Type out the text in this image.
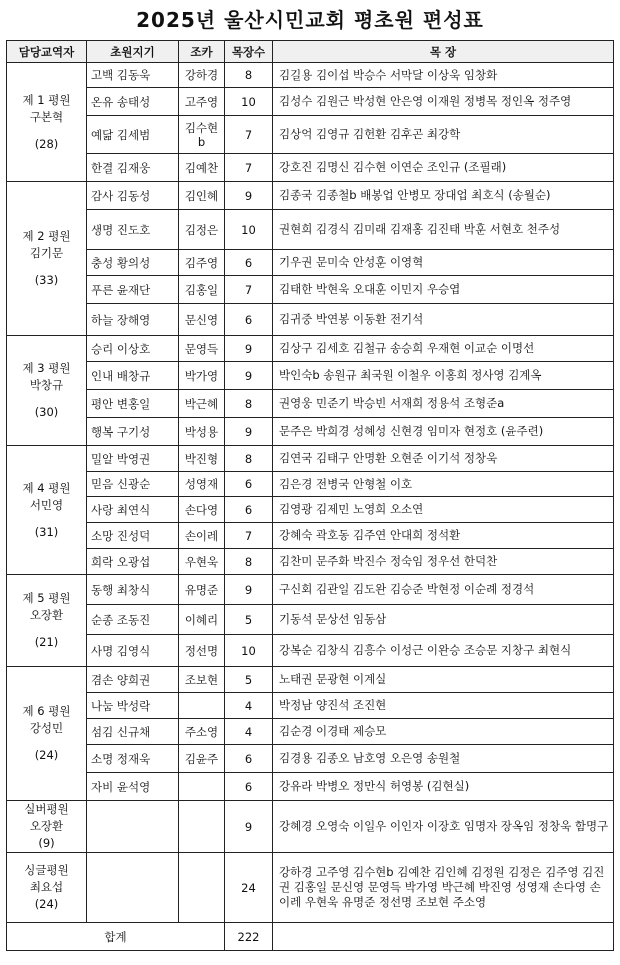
2025년 울산시민교회 평초원 편성표
담당교역자	초원지기	조카	목장수	목 장

제 1 평원
구본혁
(28)	고백 김동욱	강하경	8	김길용 김이섭 박승수 서막달 이상욱 임창화
	온유 송태성	고주영	10	김성수 김원근 박성현 안은영 이재원 정병목 정인옥 정주영
	예닮 김세범	김수현b	7	김상억 김영규 김헌환 김후곤 최강학
	한결 김재웅	김예찬	7	강호진 김명신 김수현 이연순 조인규 (조필래)

제 2 평원
김기문
(33)	감사 김동성	김인혜	9	김종국 김종철b 배봉업 안병모 장대업 최호식 (송월순)
	생명 진도호	김정은	10	권현희 김경식 김미래 김재홍 김진태 박훈 서현호 천주성
	충성 황의성	김주영	6	기우권 문미숙 안성훈 이영혁
	푸른 윤재단	김홍일	7	김태한 박현욱 오대훈 이민지 우승엽
	하늘 장해영	문신영	6	김귀중 박연봉 이동환 전기석

제 3 평원
박창규
(30)	승리 이상호	문영득	9	김상구 김세호 김철규 송승희 우재현 이교순 이명선
	인내 배창규	박가영	9	박인숙b 송원규 최국원 이철우 이홍희 정사영 김계옥
	평안 변홍일	박근혜	8	권영웅 민준기 박승빈 서재희 정용석 조형준a
	행복 구기성	박성용	9	문주은 박희경 성혜성 신현경 임미자 현정호 (윤주련)

제 4 평원
서민영
(31)	밀알 박영권	박진형	8	김연국 김태구 안명환 오현준 이기석 정창욱
	믿음 신광순	성영재	6	김은경 전병국 안형철 이호
	사랑 최연식	손다영	6	김영광 김제민 노영희 오소연
	소망 진성덕	손이레	7	강혜숙 곽호동 김주연 안대희 정석환
	희락 오광섭	우현욱	8	김찬미 문주화 박진수 정숙임 정우선 한덕찬

제 5 평원
오장환
(21)	동행 최창식	유명준	9	구신회 김관일 김도완 김승준 박현정 이순례 정경석
	순종 조동진	이혜리	5	기동석 문상선 임동삼
	사명 김영식	정선명	10	강복순 김창식 김흥수 이성근 이완승 조승문 지창구 최현식

제 6 평원
강성민
(24)	겸손 양희권	조보현	5	노태권 문광현 이계실
	나눔 박성락		4	박정남 양진석 조진현
	섬김 신규채	주소영	4	김순경 이경태 제승모
	소명 정재욱	김윤주	6	김경용 김종오 남호영 오은영 송원철
	자비 윤석영		6	강유라 박병오 정만식 허영봉 (김현실)

실버평원
오장환
(9)			9	강혜경 오영숙 이일우 이인자 이장호 임명자 장옥임 정창욱 함명구

싱글평원
최요섭
(24)			24	강하경 고주영 김수현b 김예찬 김인혜 김정원 김정은 김주영 김진권 김홍일 문신영 문영득 박가영 박근혜 박진영 성영재 손다영 손이레 우현욱 유명준 정선명 조보현 주소영
합계			222	
